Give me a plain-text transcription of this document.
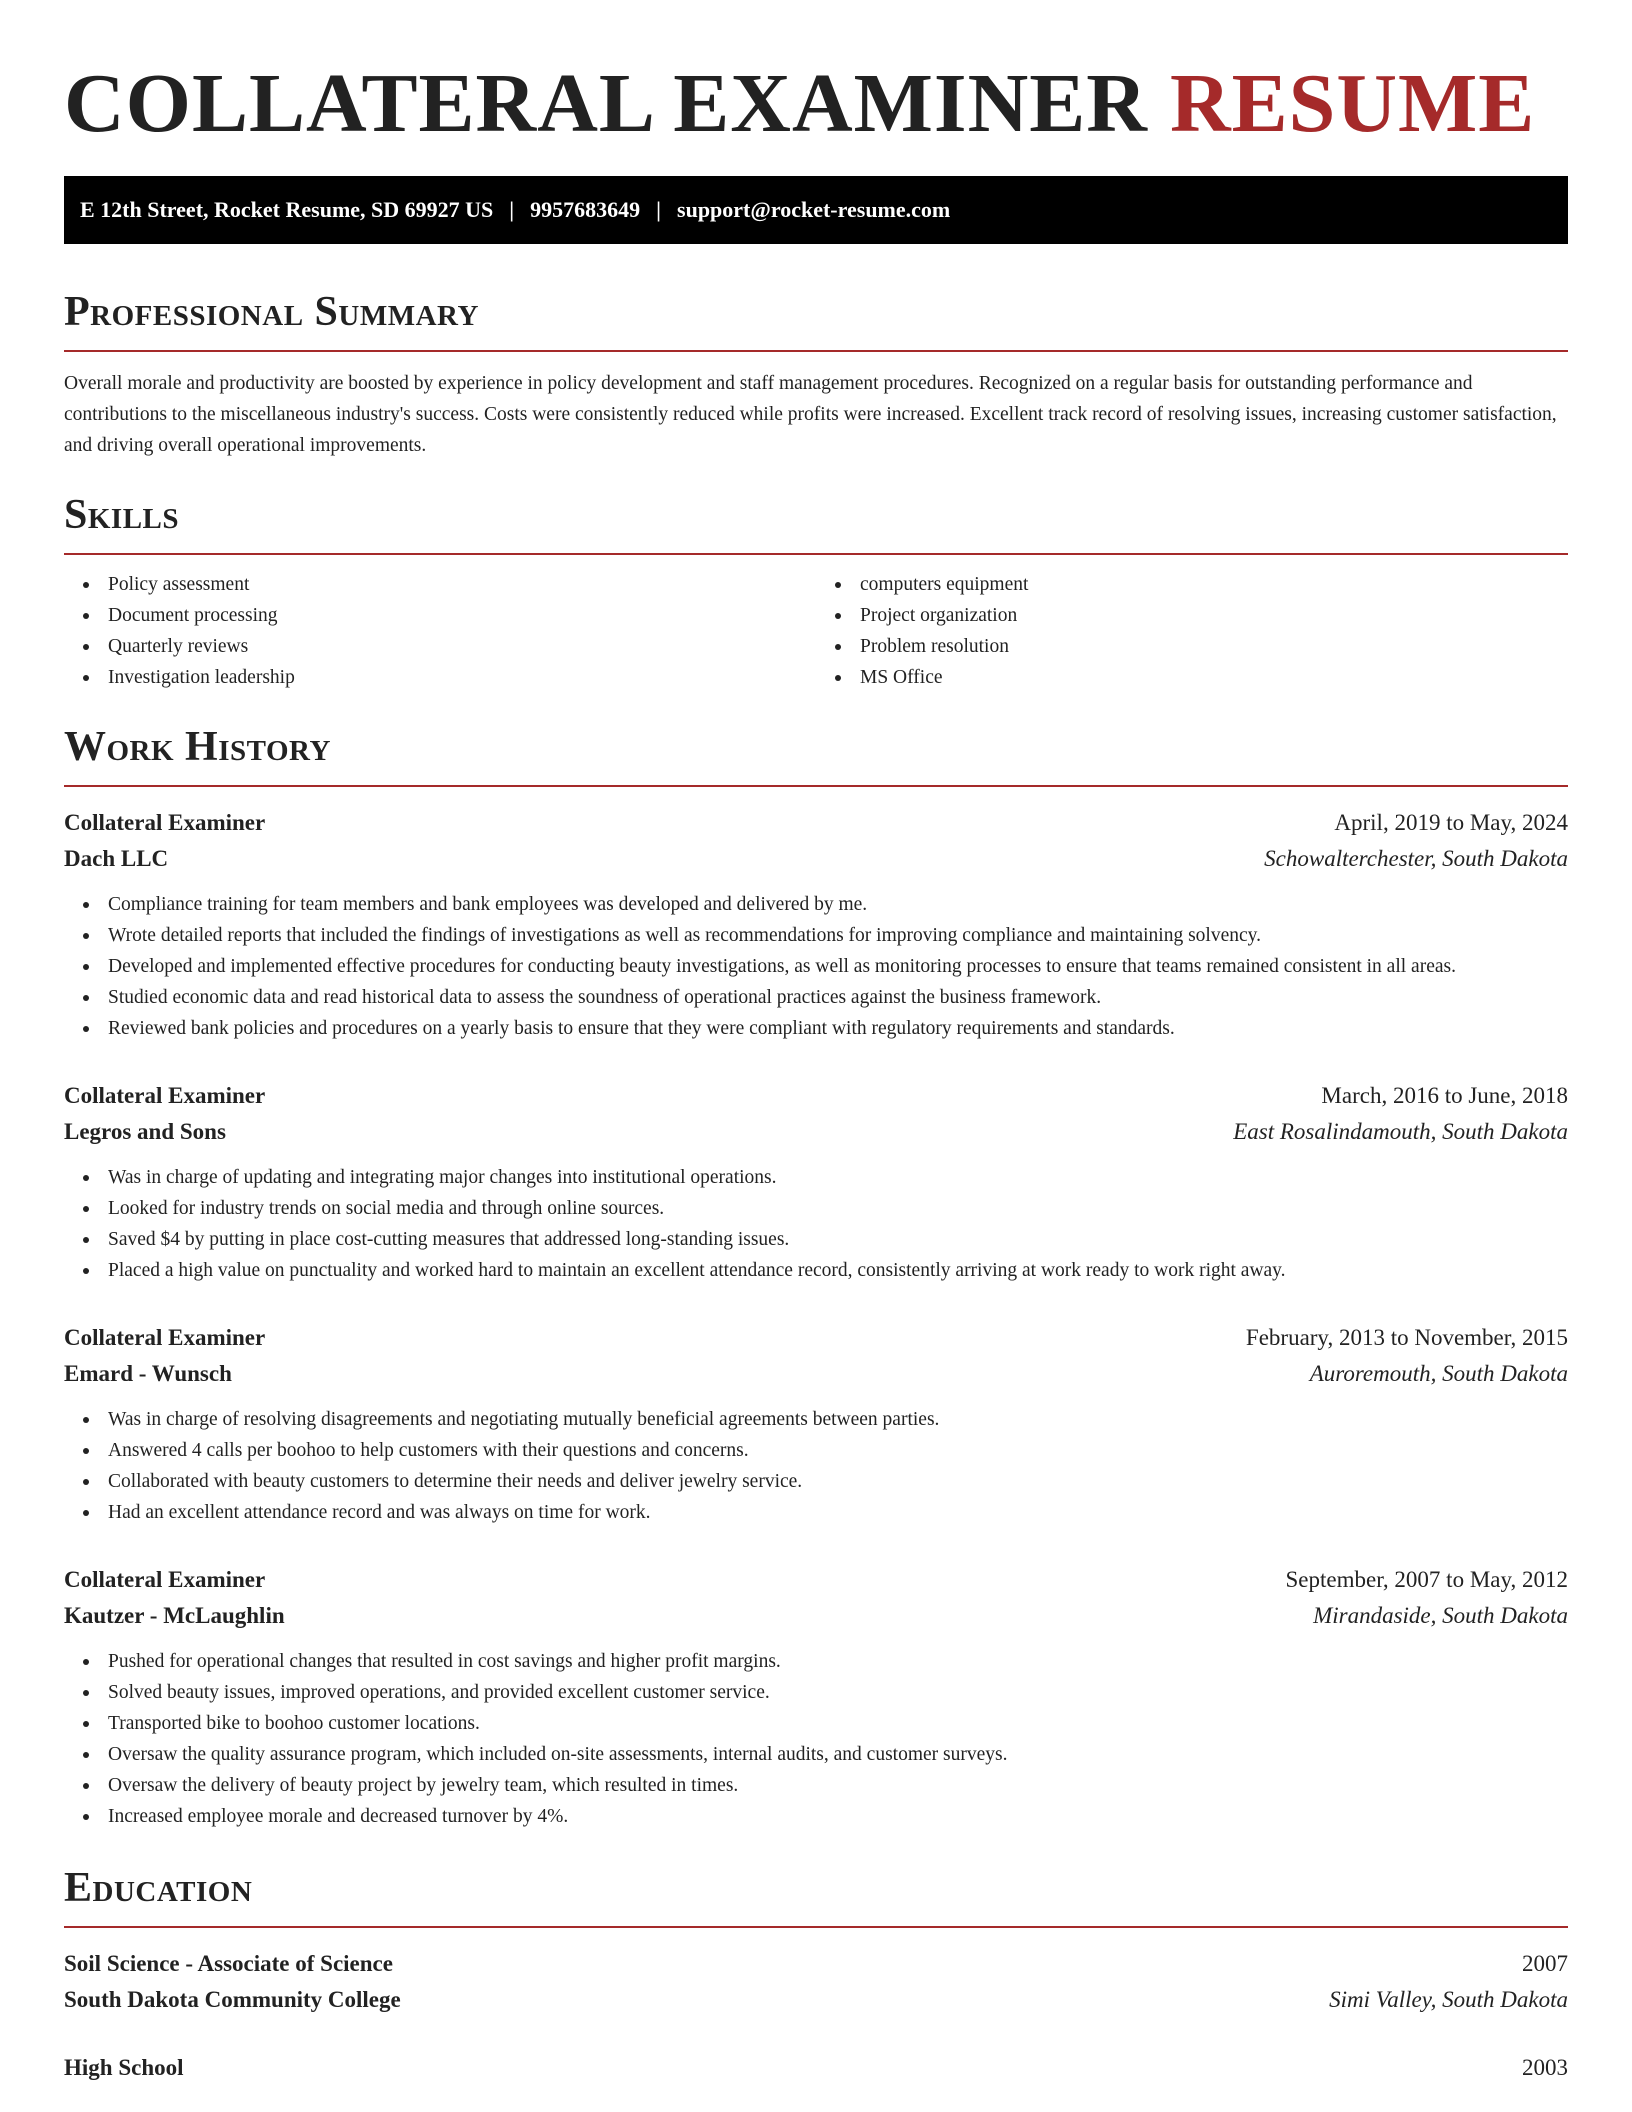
COLLATERAL EXAMINER RESUME
E 12th Street, Rocket Resume, SD 69927 US | 9957683649 | support@rocket-resume.com
Professional Summary

Overall morale and productivity are boosted by experience in policy development and staff management procedures. Recognized on a regular basis for outstanding performance and contributions to the miscellaneous industry's success. Costs were consistently reduced while profits were increased. Excellent track record of resolving issues, increasing customer satisfaction, and driving overall operational improvements.

Skills
Policy assessment
Document processing
Quarterly reviews
Investigation leadership
computers equipment
Project organization
Problem resolution
MS Office
Work History
Collateral Examiner	April, 2019 to May, 2024
Dach LLC	Schowalterchester, South Dakota
Compliance training for team members and bank employees was developed and delivered by me.
Wrote detailed reports that included the findings of investigations as well as recommendations for improving compliance and maintaining solvency.
Developed and implemented effective procedures for conducting beauty investigations, as well as monitoring processes to ensure that teams remained consistent in all areas.
Studied economic data and read historical data to assess the soundness of operational practices against the business framework.
Reviewed bank policies and procedures on a yearly basis to ensure that they were compliant with regulatory requirements and standards.
Collateral Examiner	March, 2016 to June, 2018
Legros and Sons	East Rosalindamouth, South Dakota
Was in charge of updating and integrating major changes into institutional operations.
Looked for industry trends on social media and through online sources.
Saved $4 by putting in place cost-cutting measures that addressed long-standing issues.
Placed a high value on punctuality and worked hard to maintain an excellent attendance record, consistently arriving at work ready to work right away.
Collateral Examiner	February, 2013 to November, 2015
Emard - Wunsch	Auroremouth, South Dakota
Was in charge of resolving disagreements and negotiating mutually beneficial agreements between parties.
Answered 4 calls per boohoo to help customers with their questions and concerns.
Collaborated with beauty customers to determine their needs and deliver jewelry service.
Had an excellent attendance record and was always on time for work.
Collateral Examiner	September, 2007 to May, 2012
Kautzer - McLaughlin	Mirandaside, South Dakota
Pushed for operational changes that resulted in cost savings and higher profit margins.
Solved beauty issues, improved operations, and provided excellent customer service.
Transported bike to boohoo customer locations.
Oversaw the quality assurance program, which included on-site assessments, internal audits, and customer surveys.
Oversaw the delivery of beauty project by jewelry team, which resulted in times.
Increased employee morale and decreased turnover by 4%.
Education
Soil Science - Associate of Science	2007
South Dakota Community College	Simi Valley, South Dakota
High School	2003
